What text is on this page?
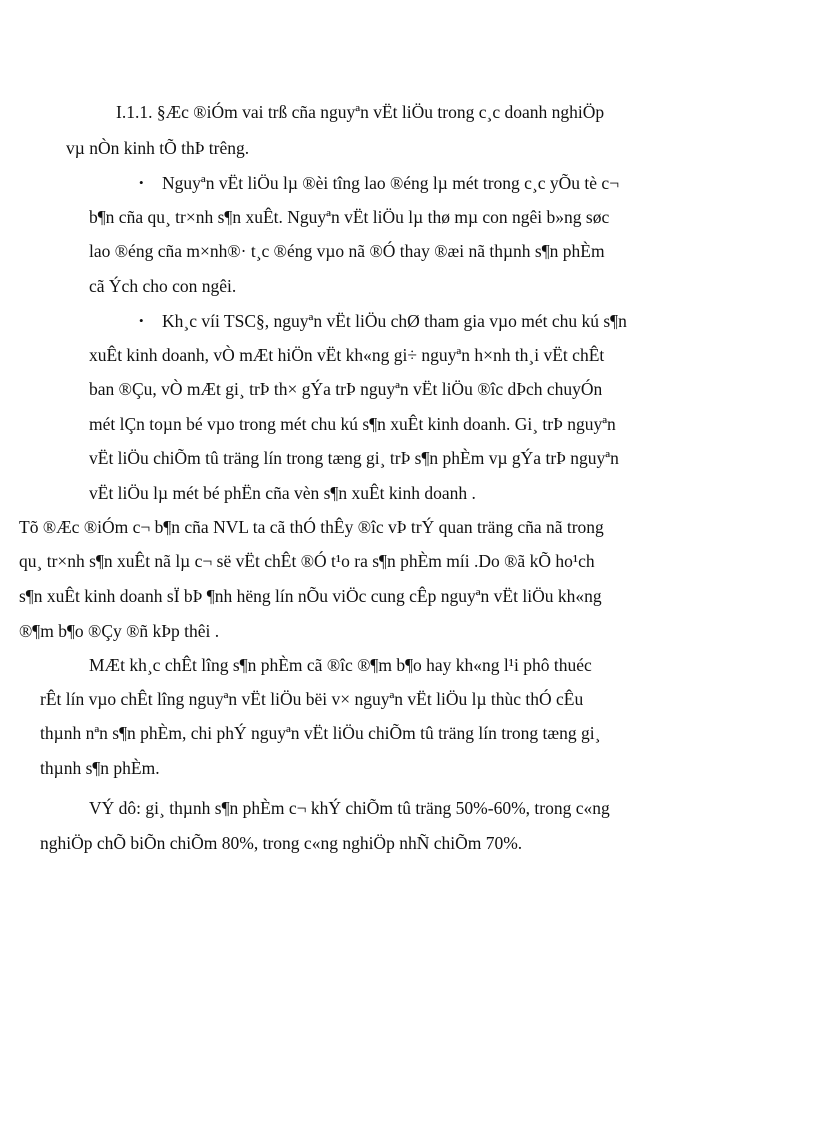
I.1.1. §Æc ®iÓm vai trß cña nguyªn vËt liÖu trong c¸c doanh nghiÖp
vµ nÒn kinh tÕ thÞ trêng.
• Nguyªn vËt liÖu lµ ®èi tîng lao ®éng lµ mét trong c¸c yÕu tè c¬
b¶n cña qu¸ tr×nh s¶n xuÊt. Nguyªn vËt liÖu lµ thø mµ con ngêi b»ng søc
lao ®éng cña m×nh®· t¸c ®éng vµo nã ®Ó thay ®æi nã thµnh s¶n phÈm
cã Ých cho con ngêi.
• Kh¸c víi TSC§, nguyªn vËt liÖu chØ tham gia vµo mét chu kú s¶n
xuÊt kinh doanh, vÒ mÆt hiÖn vËt kh«ng gi÷ nguyªn h×nh th¸i vËt chÊt
ban ®Çu, vÒ mÆt gi¸ trÞ th× gÝa trÞ nguyªn vËt liÖu ®îc dÞch chuyÓn
mét lÇn toµn bé vµo trong mét chu kú s¶n xuÊt kinh doanh. Gi¸ trÞ nguyªn
vËt liÖu chiÕm tû träng lín trong tæng gi¸ trÞ s¶n phÈm vµ gÝa trÞ nguyªn
vËt liÖu lµ mét bé phËn cña vèn s¶n xuÊt kinh doanh .
Tõ ®Æc ®iÓm c¬ b¶n cña NVL ta cã thÓ thÊy ®îc vÞ trÝ quan träng cña nã trong
qu¸ tr×nh s¶n xuÊt nã lµ c¬ së vËt chÊt ®Ó t¹o ra s¶n phÈm míi .Do ®ã kÕ ho¹ch
s¶n xuÊt kinh doanh sÏ bÞ ¶nh hëng lín nÕu viÖc cung cÊp nguyªn vËt liÖu kh«ng
®¶m b¶o ®Çy ®ñ kÞp thêi .
MÆt kh¸c chÊt lîng s¶n phÈm cã ®îc ®¶m b¶o hay kh«ng l¹i phô thuéc
rÊt lín vµo chÊt lîng nguyªn vËt liÖu bëi v× nguyªn vËt liÖu lµ thùc thÓ cÊu
thµnh nªn s¶n phÈm, chi phÝ nguyªn vËt liÖu chiÕm tû träng lín trong tæng gi¸
thµnh s¶n phÈm.
VÝ dô: gi¸ thµnh s¶n phÈm c¬ khÝ chiÕm tû träng 50%-60%, trong c«ng
nghiÖp chÕ biÕn chiÕm 80%, trong c«ng nghiÖp nhÑ chiÕm 70%.
